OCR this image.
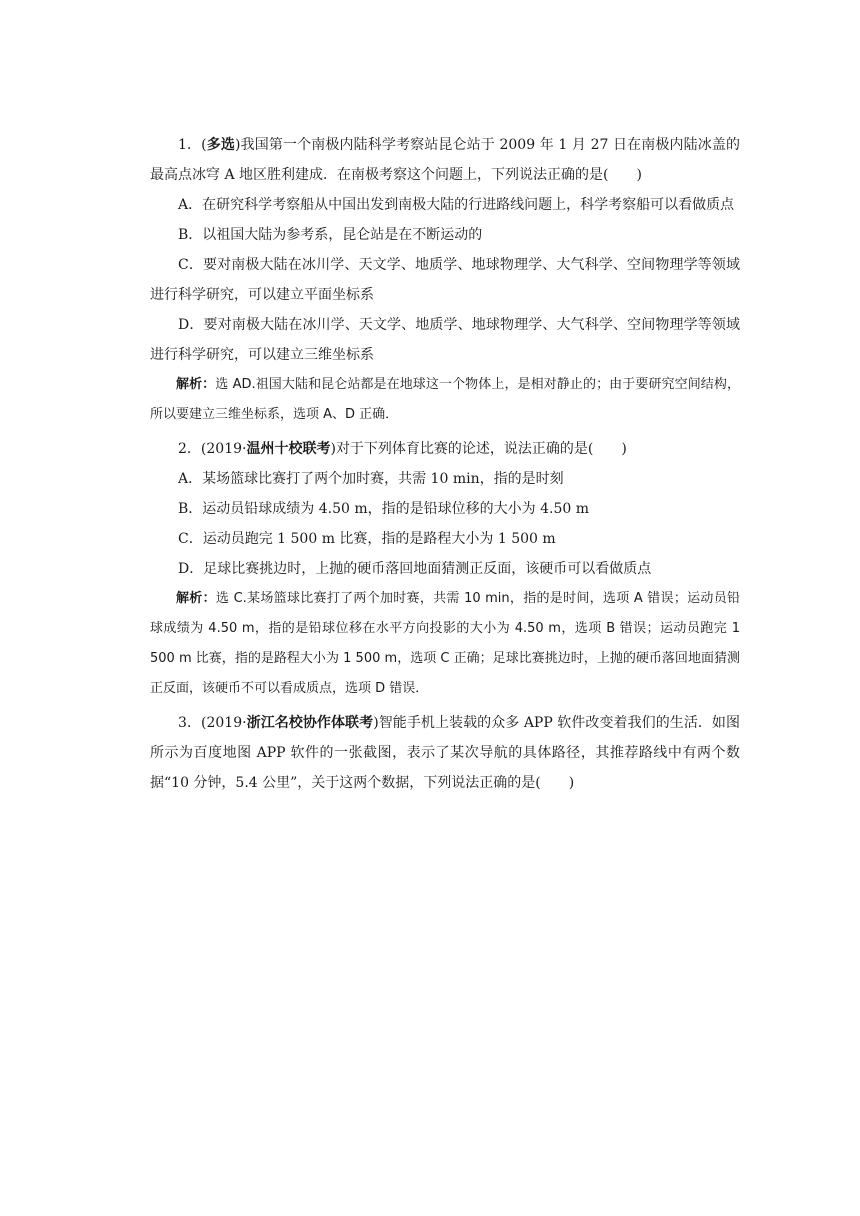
1．(多选)我国第一个南极内陆科学考察站昆仑站于 2009 年 1 月 27 日在南极内陆冰盖的最高点冰穹 A 地区胜利建成．在南极考察这个问题上，下列说法正确的是(　　)

A．在研究科学考察船从中国出发到南极大陆的行进路线问题上，科学考察船可以看做质点

B．以祖国大陆为参考系，昆仑站是在不断运动的

C．要对南极大陆在冰川学、天文学、地质学、地球物理学、大气科学、空间物理学等领域进行科学研究，可以建立平面坐标系

D．要对南极大陆在冰川学、天文学、地质学、地球物理学、大气科学、空间物理学等领域进行科学研究，可以建立三维坐标系

解析：选 AD.祖国大陆和昆仑站都是在地球这一个物体上，是相对静止的；由于要研究空间结构，所以要建立三维坐标系，选项 A、D 正确．

2．(2019·温州十校联考)对于下列体育比赛的论述，说法正确的是(　　)

A．某场篮球比赛打了两个加时赛，共需 10 min，指的是时刻

B．运动员铅球成绩为 4.50 m，指的是铅球位移的大小为 4.50 m

C．运动员跑完 1 500 m 比赛，指的是路程大小为 1 500 m

D．足球比赛挑边时，上抛的硬币落回地面猜测正反面，该硬币可以看做质点

解析：选 C.某场篮球比赛打了两个加时赛，共需 10 min，指的是时间，选项 A 错误；运动员铅球成绩为 4.50 m，指的是铅球位移在水平方向投影的大小为 4.50 m，选项 B 错误；运动员跑完 1 500 m 比赛，指的是路程大小为 1 500 m，选项 C 正确；足球比赛挑边时，上抛的硬币落回地面猜测正反面，该硬币不可以看成质点，选项 D 错误．

3．(2019·浙江名校协作体联考)智能手机上装载的众多 APP 软件改变着我们的生活．如图所示为百度地图 APP 软件的一张截图，表示了某次导航的具体路径，其推荐路线中有两个数据“10 分钟，5.4 公里”，关于这两个数据，下列说法正确的是(　　)
